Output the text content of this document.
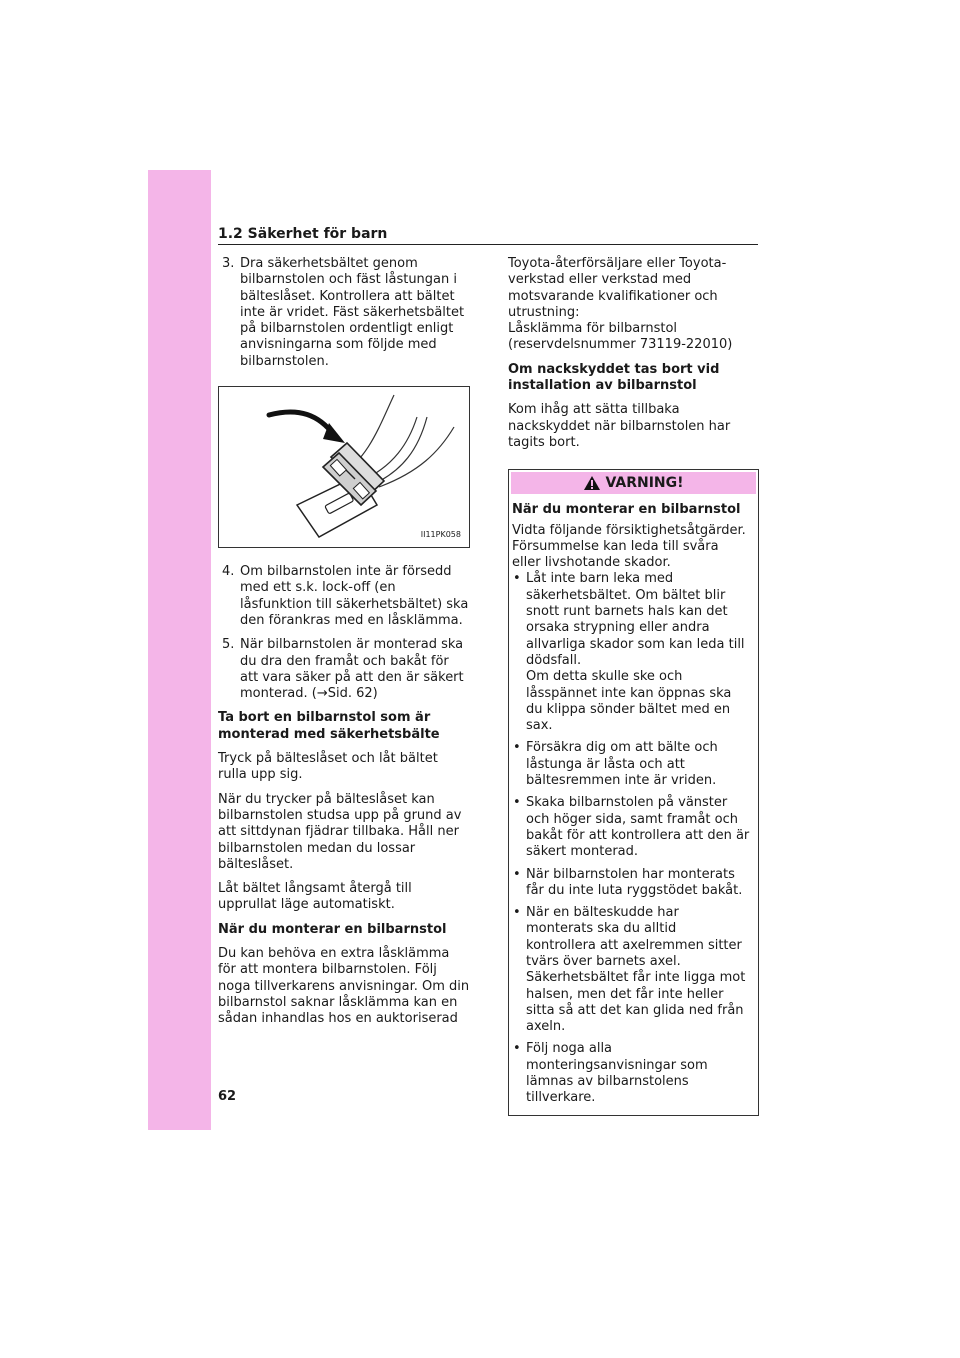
1.2 Säkerhet för barn
3. Dra säkerhetsbältet genom bilbarnstolen och fäst låstungan i bälteslåset. Kontrollera att bältet inte är vridet. Fäst säkerhetsbältet på bilbarnstolen ordentligt enligt anvisningarna som följde med bilbarnstolen.
II11PK058
4. Om bilbarnstolen inte är försedd med ett s.k. lock-off (en låsfunktion till säkerhetsbältet) ska den förankras med en låsklämma.
5. När bilbarnstolen är monterad ska du dra den framåt och bakåt för att vara säker på att den är säkert monterad. (→Sid. 62)
Ta bort en bilbarnstol som är monterad med säkerhetsbälte
Tryck på bälteslåset och låt bältet rulla upp sig.
När du trycker på bälteslåset kan bilbarnstolen studsa upp på grund av att sittdynan fjädrar tillbaka. Håll ner bilbarnstolen medan du lossar bälteslåset.
Låt bältet långsamt återgå till upprullat läge automatiskt.
När du monterar en bilbarnstol
Du kan behöva en extra låsklämma för att montera bilbarnstolen. Följ noga tillverkarens anvisningar. Om din bilbarnstol saknar låsklämma kan en sådan inhandlas hos en auktoriserad
Toyota-återförsäljare eller Toyota-verkstad eller verkstad med motsvarande kvalifikationer och utrustning:
Låsklämma för bilbarnstol
(reservdelsnummer 73119-22010)
Om nackskyddet tas bort vid installation av bilbarnstol
Kom ihåg att sätta tillbaka nackskyddet när bilbarnstolen har tagits bort.
VARNING!
När du monterar en bilbarnstol
Vidta följande försiktighetsåtgärder. Försummelse kan leda till svåra eller livshotande skador.
• Låt inte barn leka med säkerhetsbältet. Om bältet blir snott runt barnets hals kan det orsaka strypning eller andra allvarliga skador som kan leda till dödsfall.
Om detta skulle ske och låsspännet inte kan öppnas ska du klippa sönder bältet med en sax.
• Försäkra dig om att bälte och låstunga är låsta och att bältesremmen inte är vriden.
• Skaka bilbarnstolen på vänster och höger sida, samt framåt och bakåt för att kontrollera att den är säkert monterad.
• När bilbarnstolen har monterats får du inte luta ryggstödet bakåt.
• När en bälteskudde har monterats ska du alltid kontrollera att axelremmen sitter tvärs över barnets axel. Säkerhetsbältet får inte ligga mot halsen, men det får inte heller sitta så att det kan glida ned från axeln.
• Följ noga alla monteringsanvisningar som lämnas av bilbarnstolens tillverkare.
62
